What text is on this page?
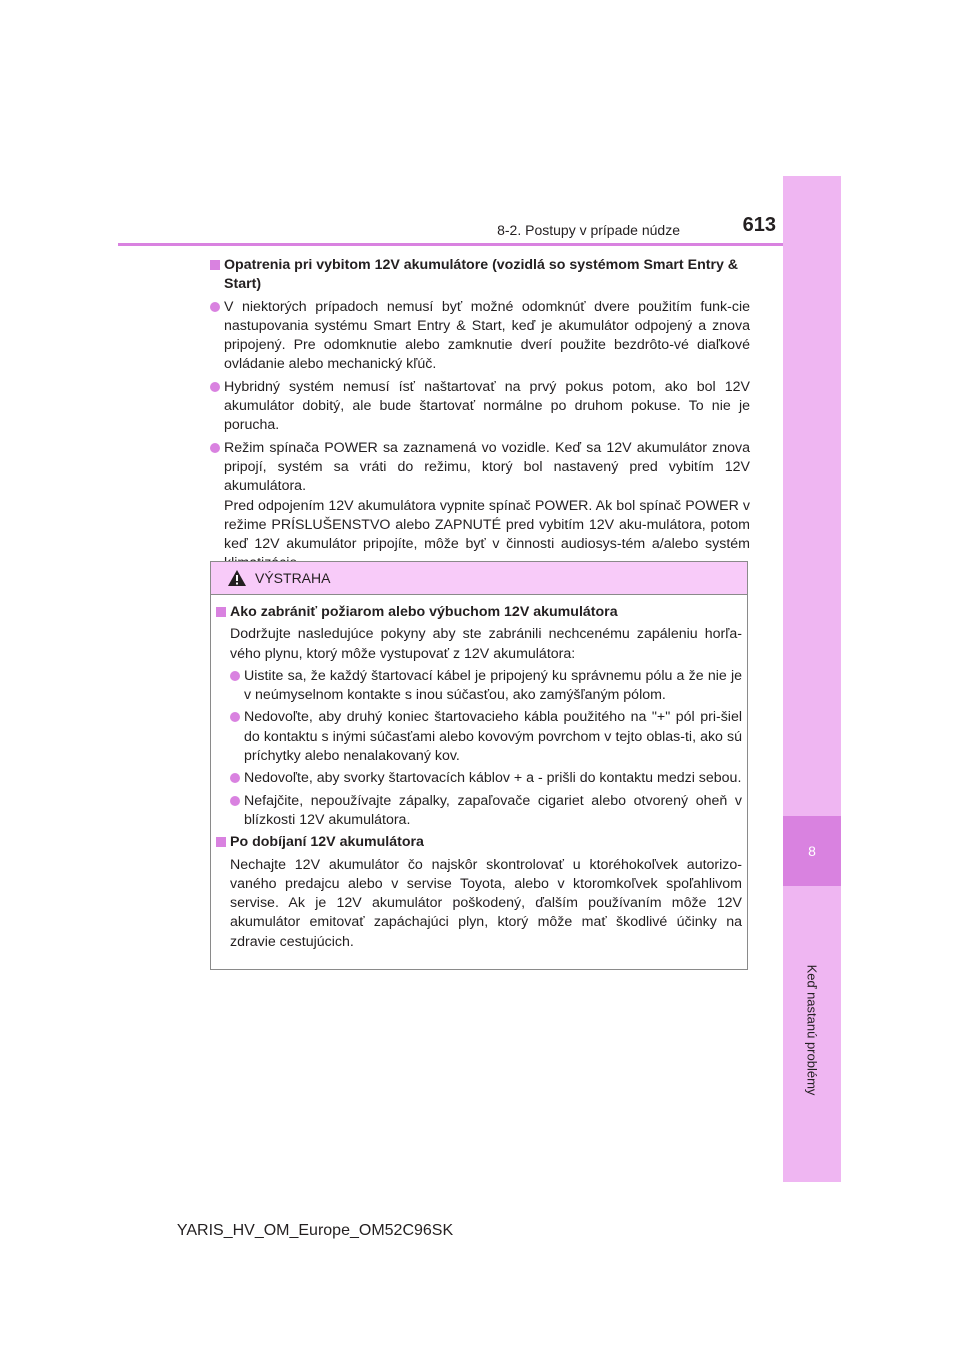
8
Keď nastanú problémy
8-2. Postupy v prípade núdze	613
Opatrenia pri vybitom 12V akumulátore (vozidlá so systémom Smart Entry & Start)
V niektorých prípadoch nemusí byť možné odomknúť dvere použitím funk-cie nastupovania systému Smart Entry & Start, keď je akumulátor odpojený a znova pripojený. Pre odomknutie alebo zamknutie dverí použite bezdrôto-vé diaľkové ovládanie alebo mechanický kľúč.
Hybridný systém nemusí ísť naštartovať na prvý pokus potom, ako bol 12V akumulátor dobitý, ale bude štartovať normálne po druhom pokuse. To nie je porucha.
Režim spínača POWER sa zaznamená vo vozidle. Keď sa 12V akumulátor znova pripojí, systém sa vráti do režimu, ktorý bol nastavený pred vybitím 12V akumulátora.
Pred odpojením 12V akumulátora vypnite spínač POWER. Ak bol spínač POWER v režime PRÍSLUŠENSTVO alebo ZAPNUTÉ pred vybitím 12V aku-mulátora, potom keď 12V akumulátor pripojíte, môže byť v činnosti audiosys-tém a/alebo systém
VÝSTRAHA
Ako zabrániť požiarom alebo výbuchom 12V akumulátora
Dodržujte nasledujúce pokyny aby ste zabránili nechcenému zapáleniu horľa-vého plynu, ktorý môže vystupovať z 12V akumulátora:
Uistite sa, že každý štartovací kábel je pripojený ku správnemu pólu a že nie je v neúmyselnom kontakte s inou súčasťou, ako zamýšľaným pólom.
Nedovoľte, aby druhý koniec štartovacieho kábla použitého na "+" pól pri-šiel do kontaktu s inými súčasťami alebo kovovým povrchom v tejto oblas-ti, ako sú príchytky alebo nenalakovaný kov.
Nedovoľte, aby svorky štartovacích káblov + a - prišli do kontaktu medzi sebou.
Nefajčite, nepoužívajte zápalky, zapaľovače cigariet alebo otvorený oheň v blízkosti 12V akumulátora.
Po dobíjaní 12V akumulátora
Nechajte 12V akumulátor čo najskôr skontrolovať u ktoréhokoľvek autorizo-vaného predajcu alebo v servise Toyota, alebo v ktoromkoľvek spoľahlivom servise. Ak je 12V akumulátor poškodený, ďalším používaním môže 12V akumulátor emitovať zapáchajúci plyn, ktorý môže mať škodlivé účinky na zdravie cestujúcich.
YARIS_HV_OM_Europe_OM52C96SK
